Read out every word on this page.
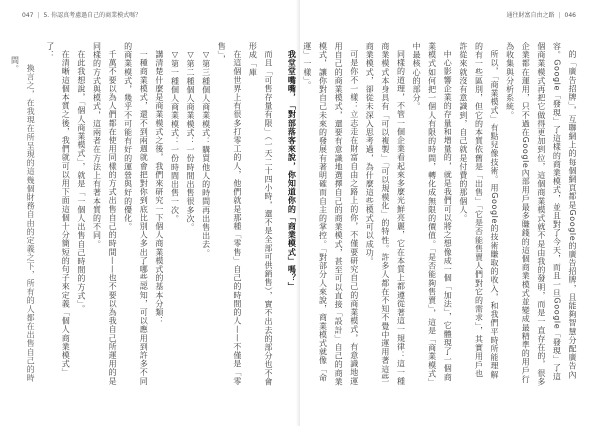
047 | 5. 你認真考慮過自己的商業模式嗎？

而且「可售存量有限」（一天二十四小時，還不是全部可供銷售），實不出去的部分也不會形成「庫

在這個世界上有很多打零工的人，他們就是那種「零售」自己的時間的人——不僅是「零售」，

▽第三種個人商業模式：購買他人的時間再出售出去。

▽第二種個人商業模式：一份時間出售很多次。

▽第一種個人商業模式：一份時間出售一次。

講清楚什麼是商業模式之後，我們來研究一下個人商業模式的基本分類：

一種商業模式，還不到兩週就會把對你到底比別人多出了哪些認知，可以應用到許多不同的商業模式，幾乎不可能有好的運營與好的優化。

千萬不要以為人們都在使用同樣的方式出售自己的時間——也不要以為我自己所運用的是同樣的方式與模式，這兩者在方法上有著本質的不同。

在此我想說，「個人商業模式」，就是「一個人出售自己時間的方式」。

在清晰這個本質之後，我們就可以用下面這個十分簡短的句子來定義「個人商業模式」了：

換言之，在我現在所呈現的這幾個財務自由的定義之下，所有的人都在出售自己的時間。

通往財富自由之路 | 046

的「廣告招牌」，互聯網上的每個網頁都是Google的廣告招牌，且能夠智慧分配廣告內容。Google「發現」了這樣的商業模式，並且對了今天，而且一旦Google「發現」了這個商業模式再把它做得更加到位，這個商業模式就不是由我的發明，而是一直存在的，很多企業都在運用，只不過在Google內部用戶最多賺錢的這個商業模式並變成最精準的用戶行為收集與分析系統。

所以，「商業模式」有點兒像技術。用Google的技術賺取的收入，和我們平時所能理解的有一些區別，但它的本質依舊是「出售」「它是否能售賣人們對它的需求」，其實用戶也許從來就沒有意識到，自己就是付費的那個人。

中心影響企業的存量和增量的，就是我們可以將之想像成一個「加法」，它體現了一個商業模式如何把一個人有限的時間，轉化成無限的價值。「是否能夠售賣」，這是「商業模式」中最核心的部分。

同樣的道理，不管一個企業看起來多麼光鮮亮麗，它在本質上都遵從著這一規律：這一種商業模式本身具有「可以複製」「可以規模化」的特性。許多人都在不知不覺中運用著這些商業模式，卻從未深入思考過，為什麼這些模式可以成功。

可是你不一樣：立志走在財富自由之路上的你，不僅要研究自己的商業模式，有意識地運用自己的商業模式，還要有意識地選擇自己的商業模式，甚至可以直接「設計」自己的商業模式，讓你對自己未來的發展有著明確而自主的掌控。「對部分人來說，商業模式就像「命運」一樣」。

我堂堂嘴嘴，「對部落客來說，你知道你的「商業模式」嗎？」
